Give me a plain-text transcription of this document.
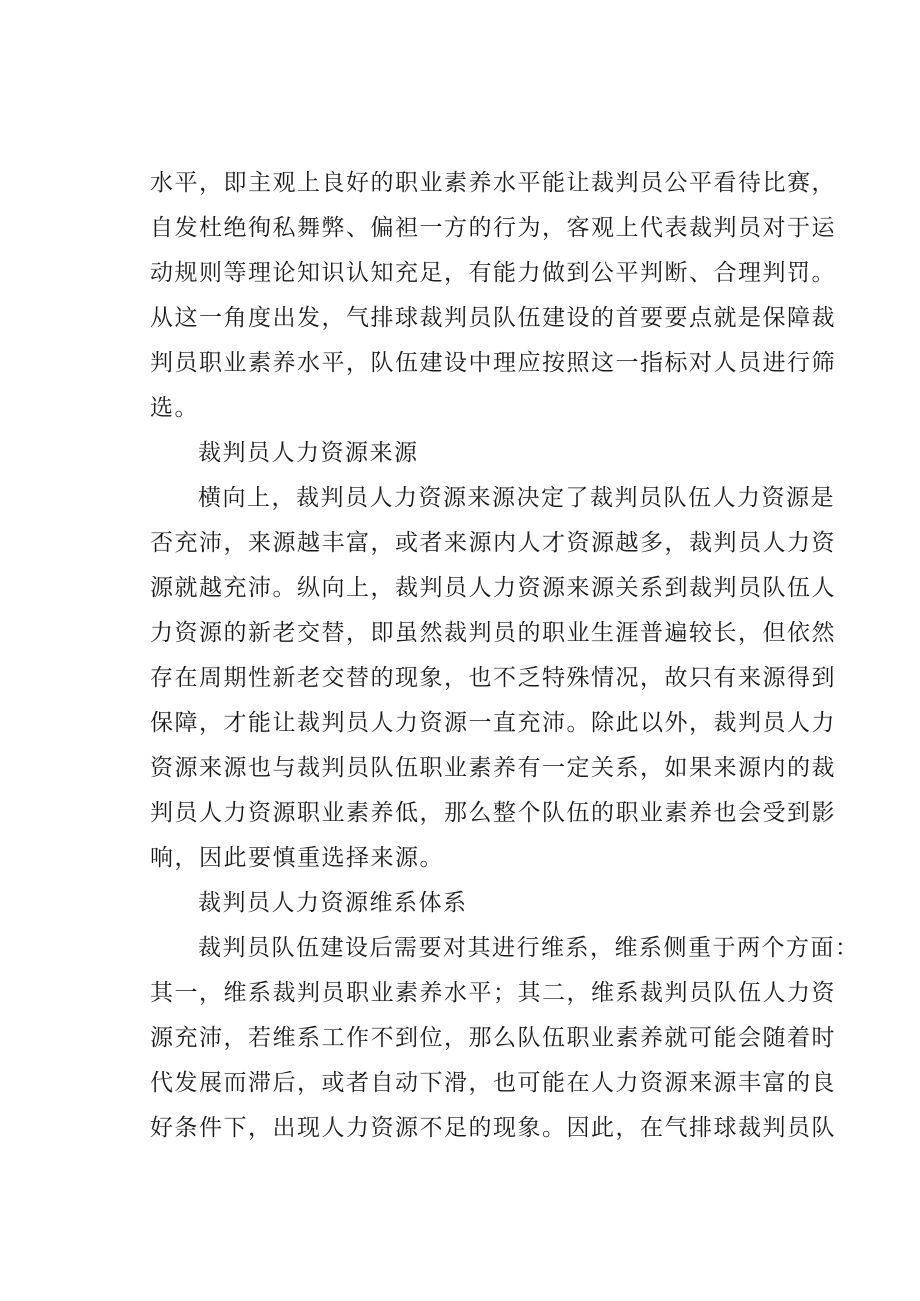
水平，即主观上良好的职业素养水平能让裁判员公平看待比赛，
自发杜绝徇私舞弊、偏袒一方的行为，客观上代表裁判员对于运
动规则等理论知识认知充足，有能力做到公平判断、合理判罚。
从这一角度出发，气排球裁判员队伍建设的首要要点就是保障裁
判员职业素养水平，队伍建设中理应按照这一指标对人员进行筛
选。
裁判员人力资源来源
横向上，裁判员人力资源来源决定了裁判员队伍人力资源是
否充沛，来源越丰富，或者来源内人才资源越多，裁判员人力资
源就越充沛。纵向上，裁判员人力资源来源关系到裁判员队伍人
力资源的新老交替，即虽然裁判员的职业生涯普遍较长，但依然
存在周期性新老交替的现象，也不乏特殊情况，故只有来源得到
保障，才能让裁判员人力资源一直充沛。除此以外，裁判员人力
资源来源也与裁判员队伍职业素养有一定关系，如果来源内的裁
判员人力资源职业素养低，那么整个队伍的职业素养也会受到影
响，因此要慎重选择来源。
裁判员人力资源维系体系
裁判员队伍建设后需要对其进行维系，维系侧重于两个方面：
其一，维系裁判员职业素养水平；其二，维系裁判员队伍人力资
源充沛，若维系工作不到位，那么队伍职业素养就可能会随着时
代发展而滞后，或者自动下滑，也可能在人力资源来源丰富的良
好条件下，出现人力资源不足的现象。因此，在气排球裁判员队
